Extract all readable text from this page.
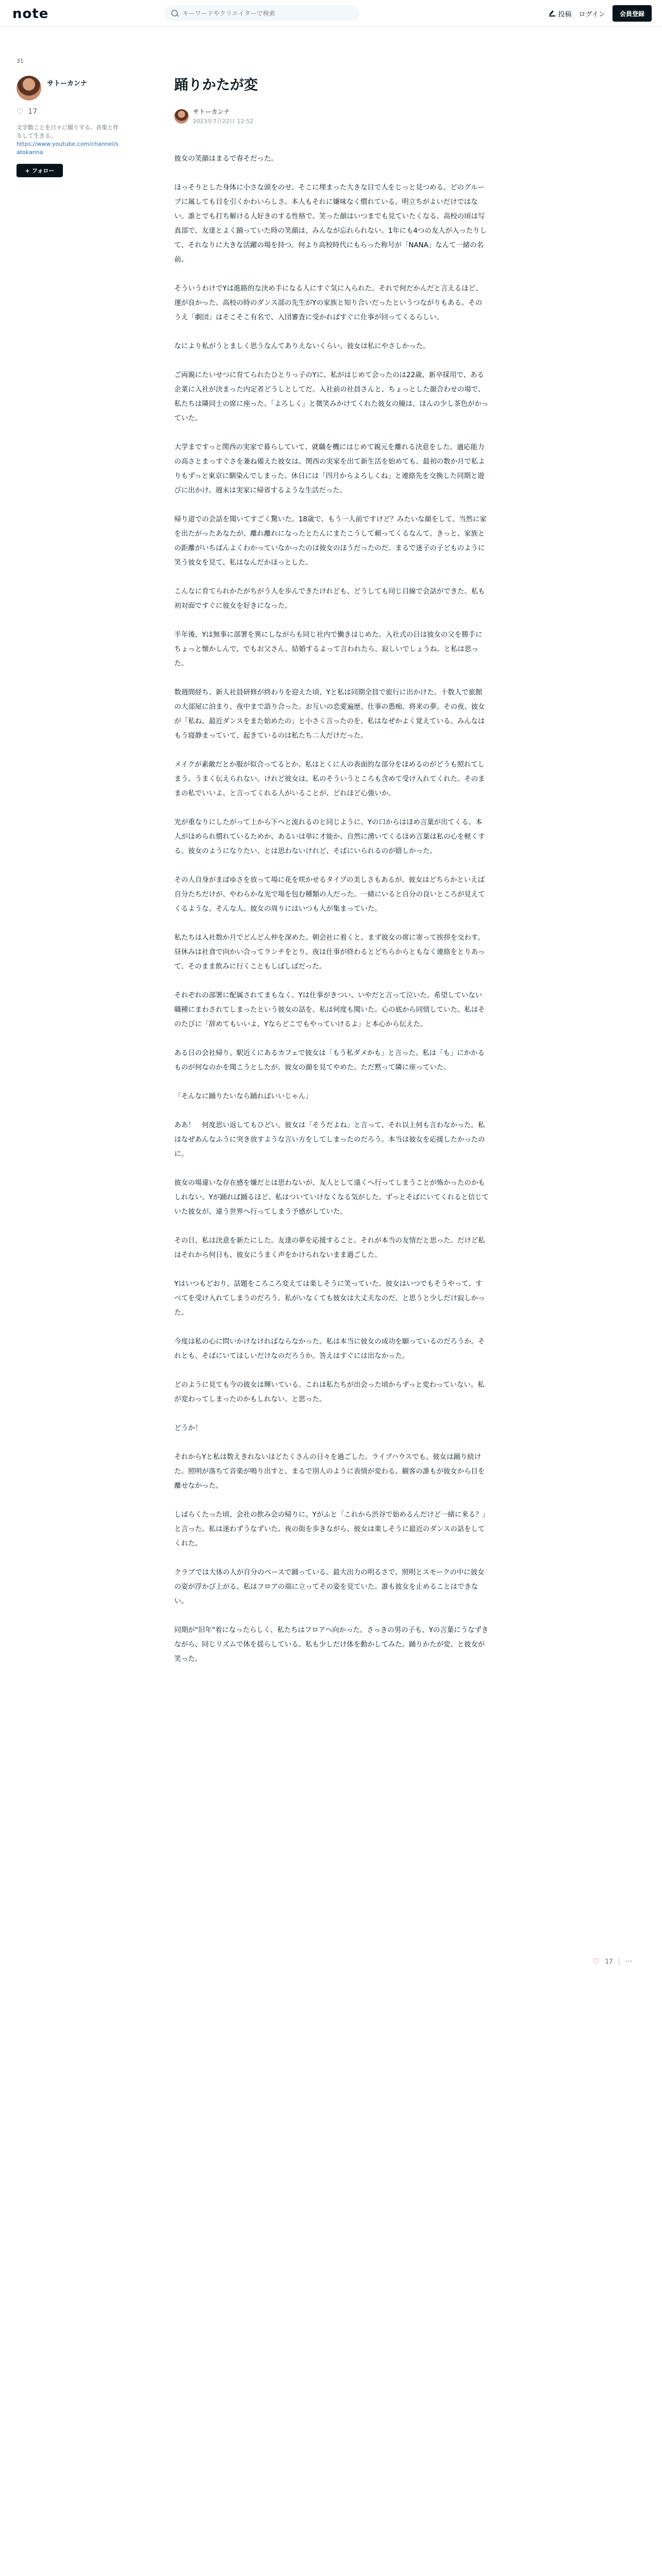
note
キーワードやクリエイターで検索	投稿 ログイン	会員登録
31
サトーカンナ
♡ 17
文字数ことを日々に綴りする。音楽と作るして生きる。
https://www.youtube.com/channel/satokanna
+ フォロー
踊りかたが変
サトーカンナ
2023年7月22日 12:52

彼女の笑顔はまるで春そだった。

ほっそりとした身体に小さな頭をのせ、そこに埋まった大きな目で人をじっと見つめる。どのグループに属しても目を引くかわいらしさ。本人もそれに嫌味なく慣れている。明立ちがよいだけではない。誰とでも打ち解ける人好きのする性格で、笑った顔はいつまでも見ていたくなる。高校の頃は写真部で、友達とよく踊っていた時の笑顔は、みんなが忘れられない。1年にも4つの友人が入ったりして、それなりに大きな活躍の場を持つ。何より高校時代にもらった称号が「NANA」なんて一緒の名前。

そういうわけでYは進路的な決め手になる人にすぐ気に入られた。それで何だかんだと言えるほど、運が良かった。高校の時のダンス部の先生がYの家族と知り合いだったというつながりもある。そのうえ「劇団」はそこそこ有名で、入団審査に受かればすぐに仕事が回ってくるらしい。

なにより私がうとましく思うなんてありえないくらい、彼女は私にやさしかった。

ご両親にたいせつに育てられたひとりっ子のYに、私がはじめて会ったのは22歳、新卒採用で、ある企業に入社が決まった内定者どうしとしてだ。入社前の社員さんと、ちょっとした顔合わせの場で、私たちは隣同士の席に座った。「よろしく」と微笑みかけてくれた彼女の瞳は、ほんの少し茶色がかっていた。

大学まですっと関西の実家で暮らしていて、就職を機にはじめて親元を離れる決意をした。適応能力の高さとまっすぐさを兼ね備えた彼女は、関西の実家を出て新生活を始めても、最初の数か月で私よりもずっと東京に馴染んでしまった。休日には「四月からよろしくね」と連絡先を交換した同期と遊びに出かけ、週末は実家に帰省するような生活だった。

帰り道での会話を聞いてすごく驚いた。18歳で、もう一人前ですけど？みたいな顔をして、当然に家を出たがったあなたが、離れ離れになったとたんにまたこうして頼ってくるなんて。きっと、家族との距離がいちばんよくわかっていなかったのは彼女のほうだったのだ。まるで迷子の子どものように笑う彼女を見て、私はなんだかほっとした。

こんなに育てられかたがちがう人を歩んできたけれども、どうしても同じ目線で会話ができた。私も初対面ですぐに彼女を好きになった。

半年後、Yは無事に部署を異にしながらも同じ社内で働きはじめた。入社式の日は彼女の父を勝手にちょっと懐かしんで、でもお父さん、結婚するよって言われたら、寂しいでしょうね。と私は思った。

数週間経ち、新人社員研修が終わりを迎えた頃、Yと私は同期全員で旅行に出かけた。十数人で旅館の大部屋に泊まり、夜中まで語り合った。お互いの恋愛遍歴、仕事の愚痴、将来の夢。その夜、彼女が「私ね、最近ダンスをまた始めたの」と小さく言ったのを、私はなぜかよく覚えている。みんなはもう寝静まっていて、起きているのは私たち二人だけだった。

メイクが素敵だとか服が似合ってるとか、私はとくに人の表面的な部分をほめるのがどうも照れてしまう。うまく伝えられない。けれど彼女は、私のそういうところも含めて受け入れてくれた。そのままの私でいいよ、と言ってくれる人がいることが、どれほど心強いか。

光が重なりにしたがって上から下へと流れるのと同じように、Yの口からはほめ言葉が出てくる。本人がほめられ慣れているためか、あるいは単に才能か、自然に湧いてくるほめ言葉は私の心を軽くする。彼女のようになりたい、とは思わないけれど、そばにいられるのが嬉しかった。

その人自身がまばゆさを放って場に花を咲かせるタイプの美しさもあるが、彼女はどちらかといえば自分たちだけが、やわらかな光で場を包む種類の人だった。一緒にいると自分の良いところが見えてくるような、そんな人。彼女の周りにはいつも人が集まっていた。

私たちは入社数か月でどんどん仲を深めた。朝会社に着くと、まず彼女の席に寄って挨拶を交わす。昼休みは社食で向かい合ってランチをとり、夜は仕事が終わるとどちらからともなく連絡をとりあって、そのまま飲みに行くこともしばしばだった。

それぞれの部署に配属されてまもなく、Yは仕事がきつい、いやだと言って泣いた。希望していない職種にまわされてしまったという彼女の話を、私は何度も聞いた。心の底から同情していた。私はそのたびに「辞めてもいいよ、Yならどこでもやっていけるよ」と本心から伝えた。

ある日の会社帰り、駅近くにあるカフェで彼女は「もう私ダメかも」と言った。私は「も」にかかるものが何なのかを聞こうとしたが、彼女の顔を見てやめた。ただ黙って隣に座っていた。

「そんなに踊りたいなら踊ればいいじゃん」

ああ！　何度思い返してもひどい。彼女は「そうだよね」と言って、それ以上何も言わなかった。私はなぜあんなふうに突き放すような言い方をしてしまったのだろう。本当は彼女を応援したかったのに。

彼女の場違いな存在感を嫌だとは思わないが、友人として遠くへ行ってしまうことが怖かったのかもしれない。Yが踊れば踊るほど、私はついていけなくなる気がした。ずっとそばにいてくれると信じていた彼女が、違う世界へ行ってしまう予感がしていた。

その日、私は決意を新たにした。友達の夢を応援すること。それが本当の友情だと思った。だけど私はそれから何日も、彼女にうまく声をかけられないまま過ごした。

Yはいつもどおり、話題をころころ変えては楽しそうに笑っていた。彼女はいつでもそうやって、すべてを受け入れてしまうのだろう。私がいなくても彼女は大丈夫なのだ、と思うと少しだけ寂しかった。

今度は私の心に問いかけなければならなかった。私は本当に彼女の成功を願っているのだろうか。それとも、そばにいてほしいだけなのだろうか。答えはすぐには出なかった。

どのように見ても今の彼女は輝いている。これは私たちが出会った頃からずっと変わっていない。私が変わってしまったのかもしれない、と思った。

どうか！

それからYと私は数えきれないほどたくさんの日々を過ごした。ライブハウスでも、彼女は踊り続けた。照明が落ちて音楽が鳴り出すと、まるで別人のように表情が変わる。観客の誰もが彼女から目を離せなかった。

しばらくたった頃、会社の飲み会の帰りに、Yがふと「これから渋谷で始めるんだけど一緒に来る？」と言った。私は迷わずうなずいた。夜の街を歩きながら、彼女は楽しそうに最近のダンスの話をしてくれた。

クラブでは大体の人が自分のペースで踊っている。最大出力の明るさで、照明とスモークの中に彼女の姿が浮かび上がる。私はフロアの端に立ってその姿を見ていた。誰も彼女を止めることはできない。

同期が"旧年"着になったらしく、私たちはフロアへ向かった。さっきの男の子も、Yの言葉にうなずきながら、同じリズムで体を揺らしている。私も少しだけ体を動かしてみた。踊りかたが変、と彼女が笑った。

♡ 17 | ⋯
